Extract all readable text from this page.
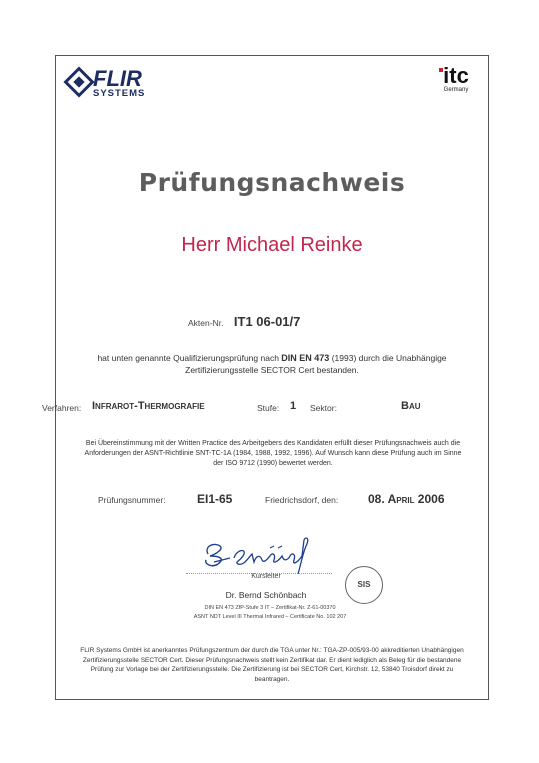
FLIR
SYSTEMS
itc
Germany
Prüfungsnachweis
Herr Michael Reinke
Akten-Nr. IT1 06-01/7
hat unten genannte Qualifizierungsprüfung nach DIN EN 473 (1993) durch die Unabhängige Zertifizierungsstelle SECTOR Cert bestanden.
Verfahren: Infrarot-Thermografie	Stufe: 1 Sektor:	Bau
Bei Übereinstimmung mit der Written Practice des Arbeitgebers des Kandidaten erfüllt dieser Prüfungsnachweis auch die Anforderungen der ASNT-Richtlinie SNT-TC-1A (1984, 1988, 1992, 1996). Auf Wunsch kann diese Prüfung auch im Sinne der ISO 9712 (1990) bewertet werden.
Prüfungsnummer:	EI1-65	Friedrichsdorf, den: 08. April 2006
Kursleiter
Dr. Bernd Schönbach
SIS
DIN EN 473 ZfP-Stufe 3 IT – Zertifikat-Nr. Z-61-00370
ASNT NDT Level III Thermal Infrared – Certificate No. 102 207
FLIR Systems GmbH ist anerkanntes Prüfungszentrum der durch die TGA unter Nr.: TGA-ZP-005/93-00 akkreditierten Unabhängigen Zertifizierungsstelle SECTOR Cert. Dieser Prüfungsnachweis stellt kein Zertifikat dar. Er dient lediglich als Beleg für die bestandene Prüfung zur Vorlage bei der Zertifizierungsstelle. Die Zertifizierung ist bei SECTOR Cert, Kirchstr. 12, 53840 Troisdorf direkt zu beantragen.
